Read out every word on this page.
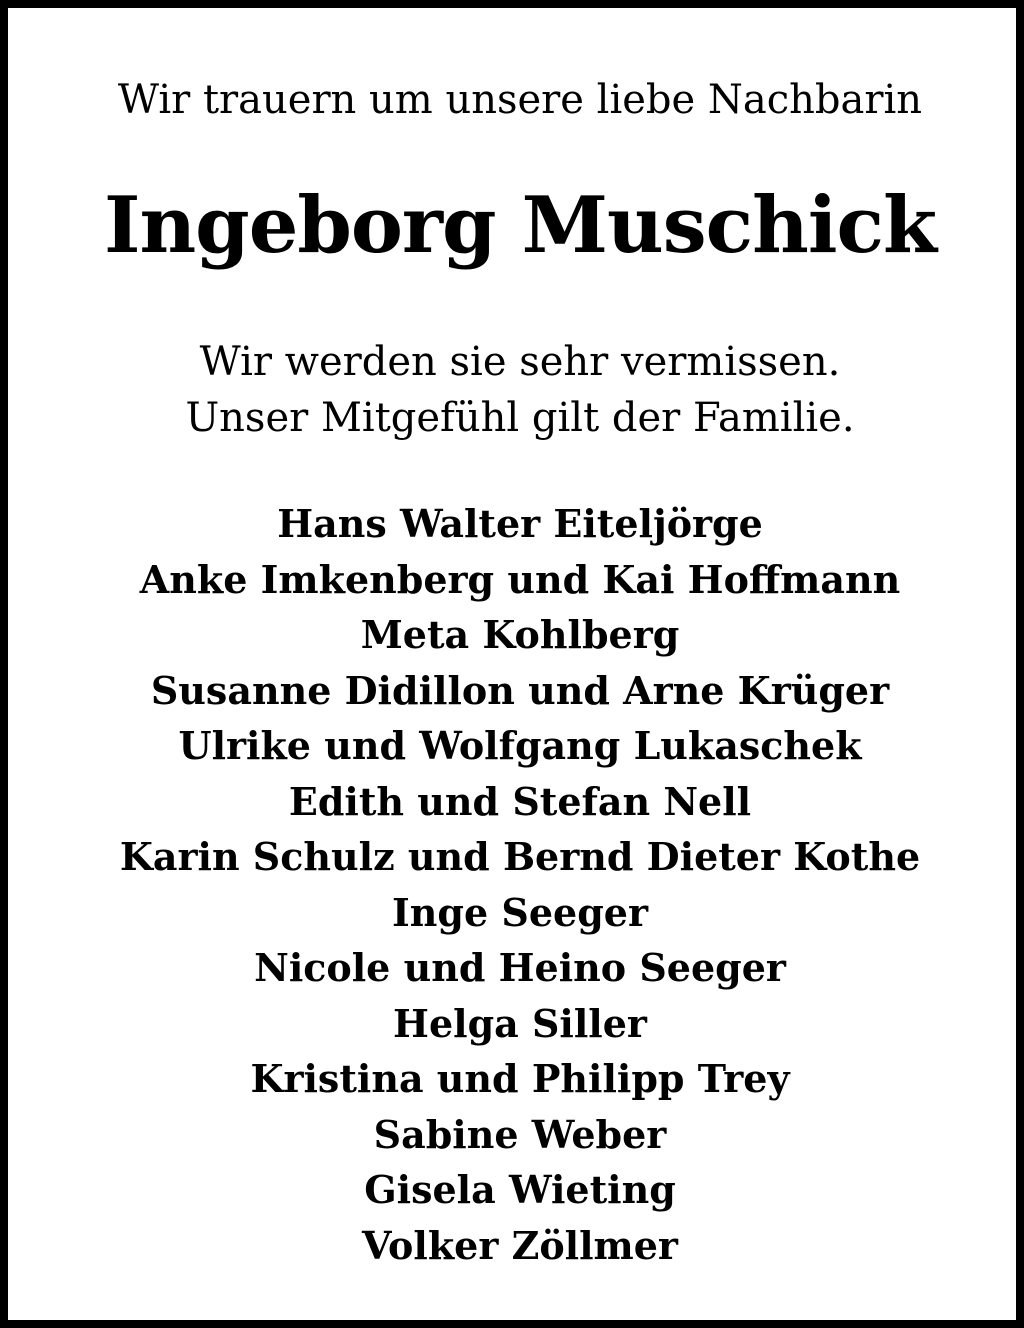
Wir trauern um unsere liebe Nachbarin
Ingeborg Muschick
Wir werden sie sehr vermissen.
Unser Mitgefühl gilt der Familie.
Hans Walter Eiteljörge
Anke Imkenberg und Kai Hoffmann
Meta Kohlberg
Susanne Didillon und Arne Krüger
Ulrike und Wolfgang Lukaschek
Edith und Stefan Nell
Karin Schulz und Bernd Dieter Kothe
Inge Seeger
Nicole und Heino Seeger
Helga Siller
Kristina und Philipp Trey
Sabine Weber
Gisela Wieting
Volker Zöllmer
